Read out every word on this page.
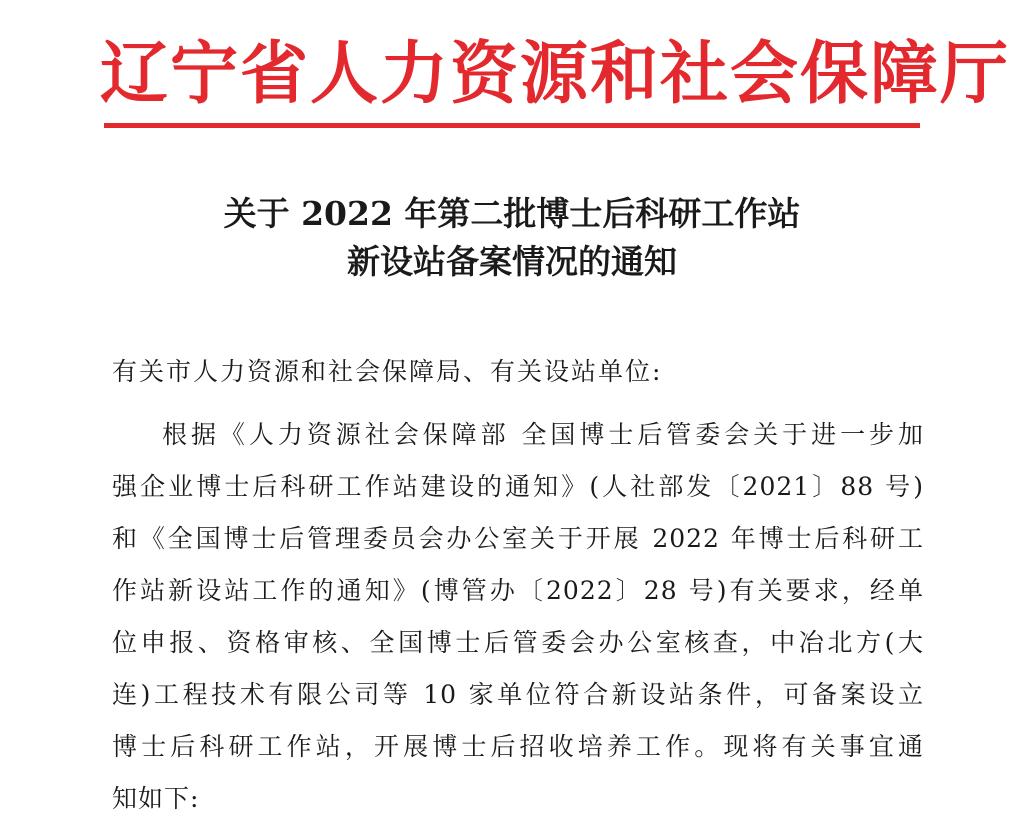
辽宁省人力资源和社会保障厅
关于 2022 年第二批博士后科研工作站
新设站备案情况的通知
有关市人力资源和社会保障局、有关设站单位:
根据《人力资源社会保障部 全国博士后管委会关于进一步加
强企业博士后科研工作站建设的通知》(人社部发〔2021〕88 号)
和《全国博士后管理委员会办公室关于开展 2022 年博士后科研工
作站新设站工作的通知》(博管办〔2022〕28 号)有关要求，经单
位申报、资格审核、全国博士后管委会办公室核查，中冶北方(大
连)工程技术有限公司等 10 家单位符合新设站条件，可备案设立
博士后科研工作站，开展博士后招收培养工作。现将有关事宜通
知如下:
